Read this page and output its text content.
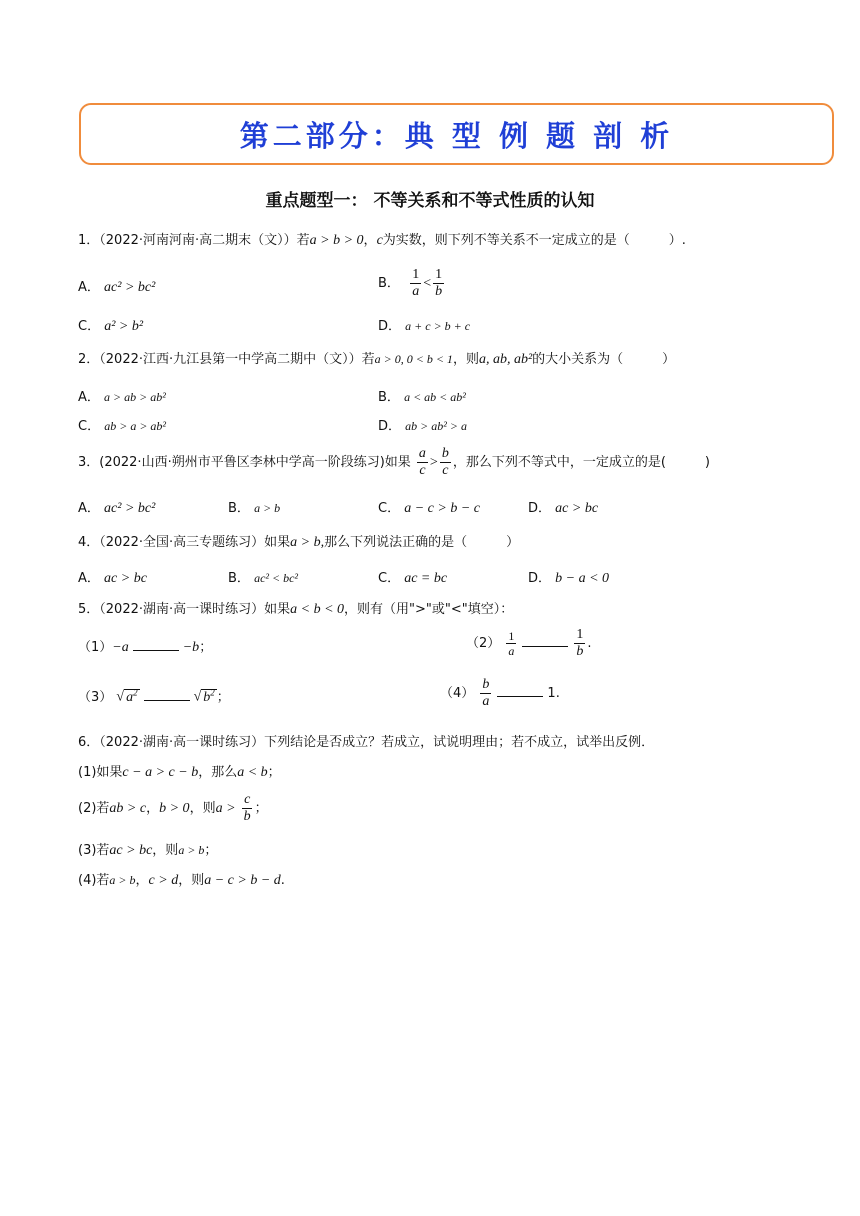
第二部分：典 型 例 题 剖 析
重点题型一： 不等关系和不等式性质的认知
1．（2022·河南河南·高二期末（文））若a > b > 0，c为实数，则下列不等关系不一定成立的是（　　　）.
A． ac² > bc²	B． $\frac{1}{a} < \frac{1}{b}$
C． a² > b²	D． a + c > b + c
2．（2022·江西·九江县第一中学高二期中（文））若a > 0, 0 < b < 1，则a, ab, ab²的大小关系为（　　　）
A． a > ab > ab²	B． a < ab < ab²
C． ab > a > ab²	D． ab > ab² > a
3．(2022·山西·朔州市平鲁区李林中学高一阶段练习)如果 $\frac{a}{c} > \frac{b}{c}$ ，那么下列不等式中，一定成立的是(　　　)
A． ac² > bc²	B． a > b	C． a − c > b − c	D． ac > bc
4．（2022·全国·高三专题练习）如果a > b,那么下列说法正确的是（　　　）
A． ac > bc	B． ac² < bc²	C． ac = bc	D． b − a < 0
5．（2022·湖南·高一课时练习）如果a < b < 0，则有（用">"或"<"填空）：
（1）−a	−b；	$(2) \frac{1}{a}$	$\frac{1}{b}$ .
（3） √ $a^2$	√ $b^2$ ；	$(4) \frac{b}{a}$	1.
6．（2022·湖南·高一课时练习）下列结论是否成立？若成立，试说明理由；若不成立，试举出反例．
(1)如果c − a > c − b，那么a < b；
(2)若ab > c，b > 0，则$a > \frac{c}{b}$ ；
(3)若ac > bc，则a > b；
(4)若a > b，c > d，则a − c > b − d.
